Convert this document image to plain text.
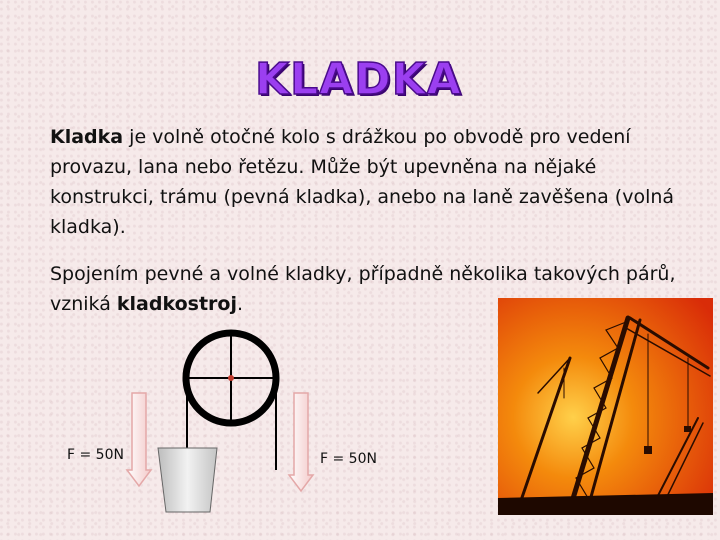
KLADKA

Kladka je volně otočné kolo s drážkou po obvodě pro vedení provazu, lana nebo řetězu. Může být upevněna na nějaké konstrukci, trámu (pevná kladka), anebo na laně zavěšena (volná kladka).

Spojením pevné a volné kladky, případně několika takových párů, vzniká kladkostroj.

F = 50N	F = 50N
